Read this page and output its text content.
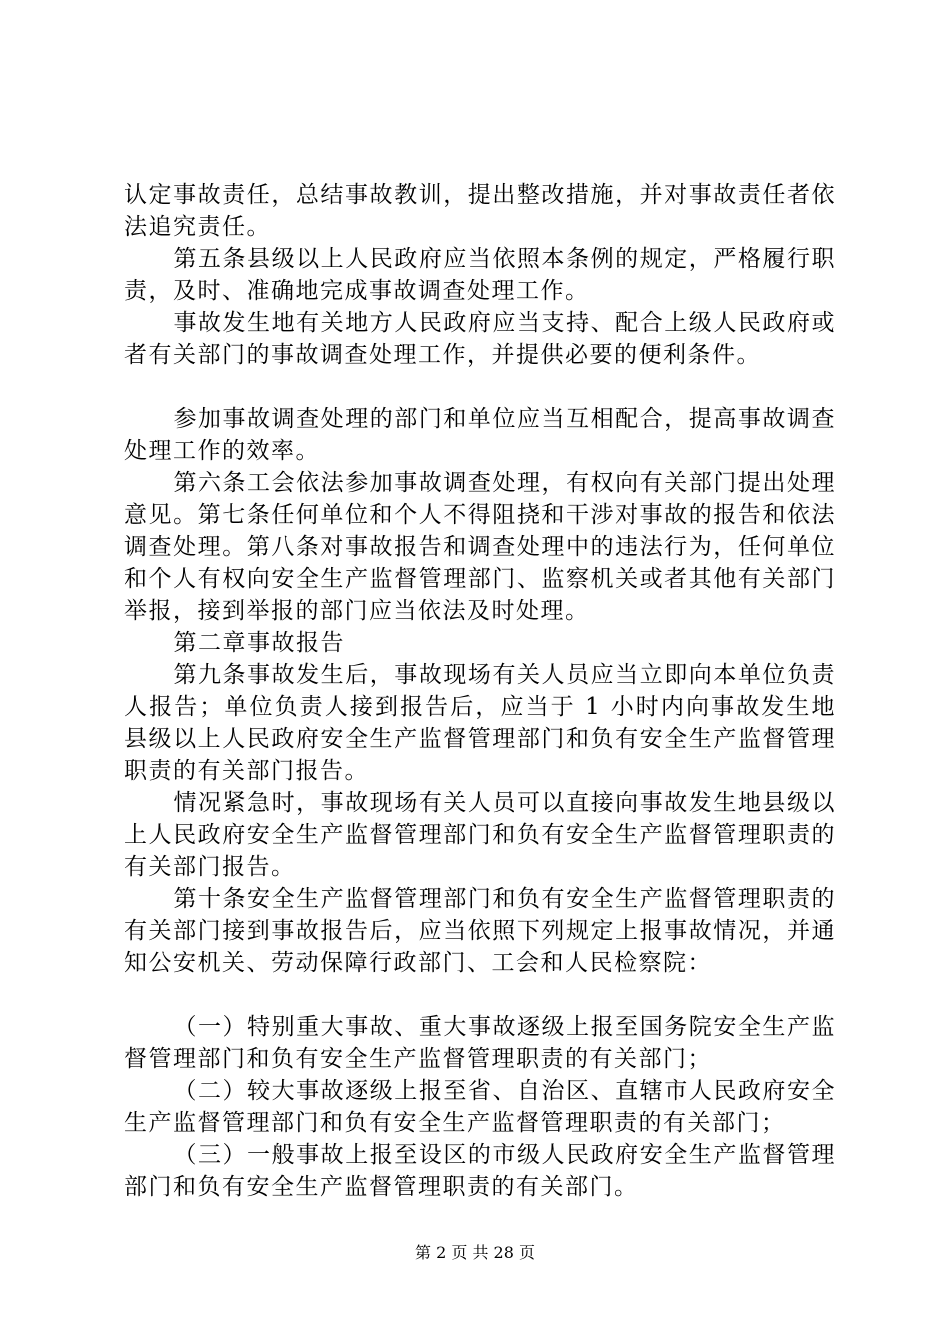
认定事故责任，总结事故教训，提出整改措施，并对事故责任者依法追究责任。

第五条县级以上人民政府应当依照本条例的规定，严格履行职责，及时、准确地完成事故调查处理工作。

事故发生地有关地方人民政府应当支持、配合上级人民政府或者有关部门的事故调查处理工作，并提供必要的便利条件。

参加事故调查处理的部门和单位应当互相配合，提高事故调查处理工作的效率。

第六条工会依法参加事故调查处理，有权向有关部门提出处理意见。第七条任何单位和个人不得阻挠和干涉对事故的报告和依法调查处理。第八条对事故报告和调查处理中的违法行为，任何单位和个人有权向安全生产监督管理部门、监察机关或者其他有关部门举报，接到举报的部门应当依法及时处理。

第二章事故报告

第九条事故发生后，事故现场有关人员应当立即向本单位负责人报告；单位负责人接到报告后，应当于 1 小时内向事故发生地县级以上人民政府安全生产监督管理部门和负有安全生产监督管理职责的有关部门报告。

情况紧急时，事故现场有关人员可以直接向事故发生地县级以上人民政府安全生产监督管理部门和负有安全生产监督管理职责的有关部门报告。

第十条安全生产监督管理部门和负有安全生产监督管理职责的有关部门接到事故报告后，应当依照下列规定上报事故情况，并通知公安机关、劳动保障行政部门、工会和人民检察院：

（一）特别重大事故、重大事故逐级上报至国务院安全生产监督管理部门和负有安全生产监督管理职责的有关部门；

（二）较大事故逐级上报至省、自治区、直辖市人民政府安全生产监督管理部门和负有安全生产监督管理职责的有关部门；

（三）一般事故上报至设区的市级人民政府安全生产监督管理部门和负有安全生产监督管理职责的有关部门。

第 2 页 共 28 页
